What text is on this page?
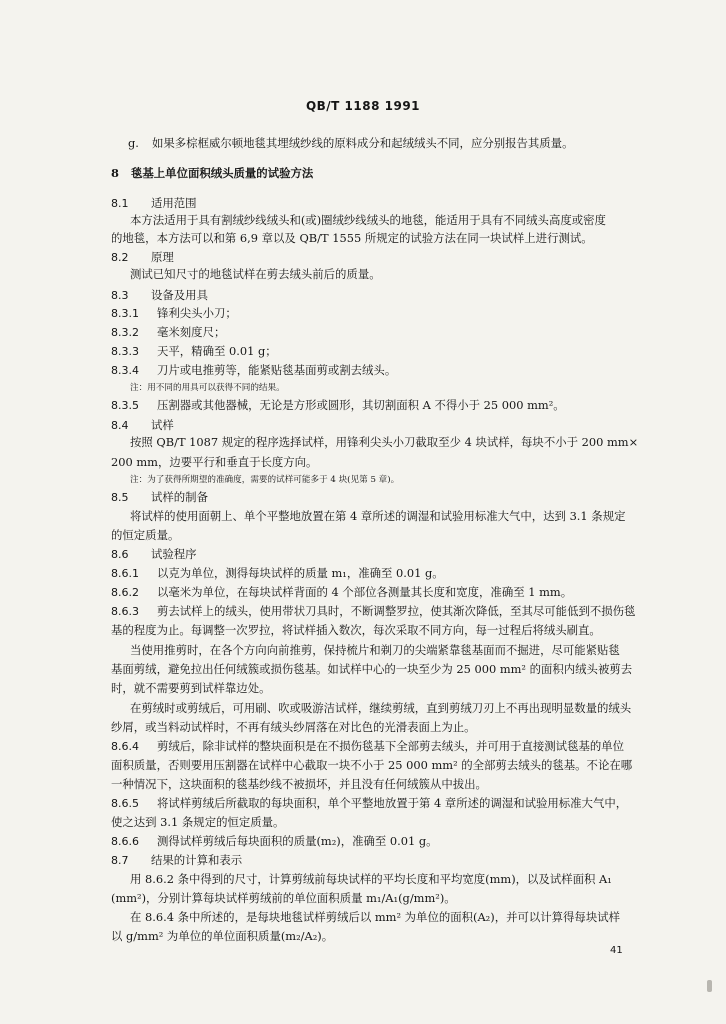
QB/T 1188 1991
g. 如果多棕框威尔顿地毯其埋绒纱线的原料成分和起绒绒头不同，应分别报告其质量。
8 毯基上单位面积绒头质量的试验方法
8.1 适用范围
本方法适用于具有割绒纱线绒头和(或)圈绒纱线绒头的地毯，能适用于具有不同绒头高度或密度
的地毯，本方法可以和第 6,9 章以及 QB/T 1555 所规定的试验方法在同一块试样上进行测试。
8.2 原理
测试已知尺寸的地毯试样在剪去绒头前后的质量。
8.3 设备及用具
8.3.1 锋利尖头小刀；
8.3.2 毫米刻度尺；
8.3.3 天平，精确至 0.01 g；
8.3.4 刀片或电推剪等，能紧贴毯基面剪或割去绒头。
注：用不同的用具可以获得不同的结果。
8.3.5 压割器或其他器械，无论是方形或圆形，其切割面积 A 不得小于 25 000 mm²。
8.4 试样
按照 QB/T 1087 规定的程序选择试样，用锋利尖头小刀截取至少 4 块试样，每块不小于 200 mm×
200 mm，边要平行和垂直于长度方向。
注：为了获得所期望的准确度，需要的试样可能多于 4 块(见第 5 章)。
8.5 试样的制备
将试样的使用面朝上、单个平整地放置在第 4 章所述的调湿和试验用标准大气中，达到 3.1 条规定
的恒定质量。
8.6 试验程序
8.6.1 以克为单位，测得每块试样的质量 m₁，准确至 0.01 g。
8.6.2 以毫米为单位，在每块试样背面的 4 个部位各测量其长度和宽度，准确至 1 mm。
8.6.3 剪去试样上的绒头，使用带状刀具时，不断调整罗拉，使其渐次降低，至其尽可能低到不损伤毯
基的程度为止。每调整一次罗拉，将试样插入数次，每次采取不同方向，每一过程后将绒头刷直。
当使用推剪时，在各个方向向前推剪，保持梳片和剃刀的尖端紧靠毯基面而不掘进，尽可能紧贴毯
基面剪绒，避免拉出任何绒簇或损伤毯基。如试样中心的一块至少为 25 000 mm² 的面积内绒头被剪去
时，就不需要剪到试样靠边处。
在剪绒时或剪绒后，可用刷、吹或吸游洁试样，继续剪绒，直到剪绒刀刃上不再出现明显数量的绒头
纱屑，或当料动试样时，不再有绒头纱屑落在对比色的光滑表面上为止。
8.6.4 剪绒后，除非试样的整块面积是在不损伤毯基下全部剪去绒头，并可用于直接测试毯基的单位
面积质量，否则要用压割器在试样中心截取一块不小于 25 000 mm² 的全部剪去绒头的毯基。不论在哪
一种情况下，这块面积的毯基纱线不被损坏，并且没有任何绒簇从中拔出。
8.6.5 将试样剪绒后所截取的每块面积，单个平整地放置于第 4 章所述的调湿和试验用标准大气中，
使之达到 3.1 条规定的恒定质量。
8.6.6 测得试样剪绒后每块面积的质量(m₂)，准确至 0.01 g。
8.7 结果的计算和表示
用 8.6.2 条中得到的尺寸，计算剪绒前每块试样的平均长度和平均宽度(mm)，以及试样面积 A₁
(mm²)，分别计算每块试样剪绒前的单位面积质量 m₁/A₁(g/mm²)。
在 8.6.4 条中所述的，是每块地毯试样剪绒后以 mm² 为单位的面积(A₂)，并可以计算得每块试样
以 g/mm² 为单位的单位面积质量(m₂/A₂)。
41
